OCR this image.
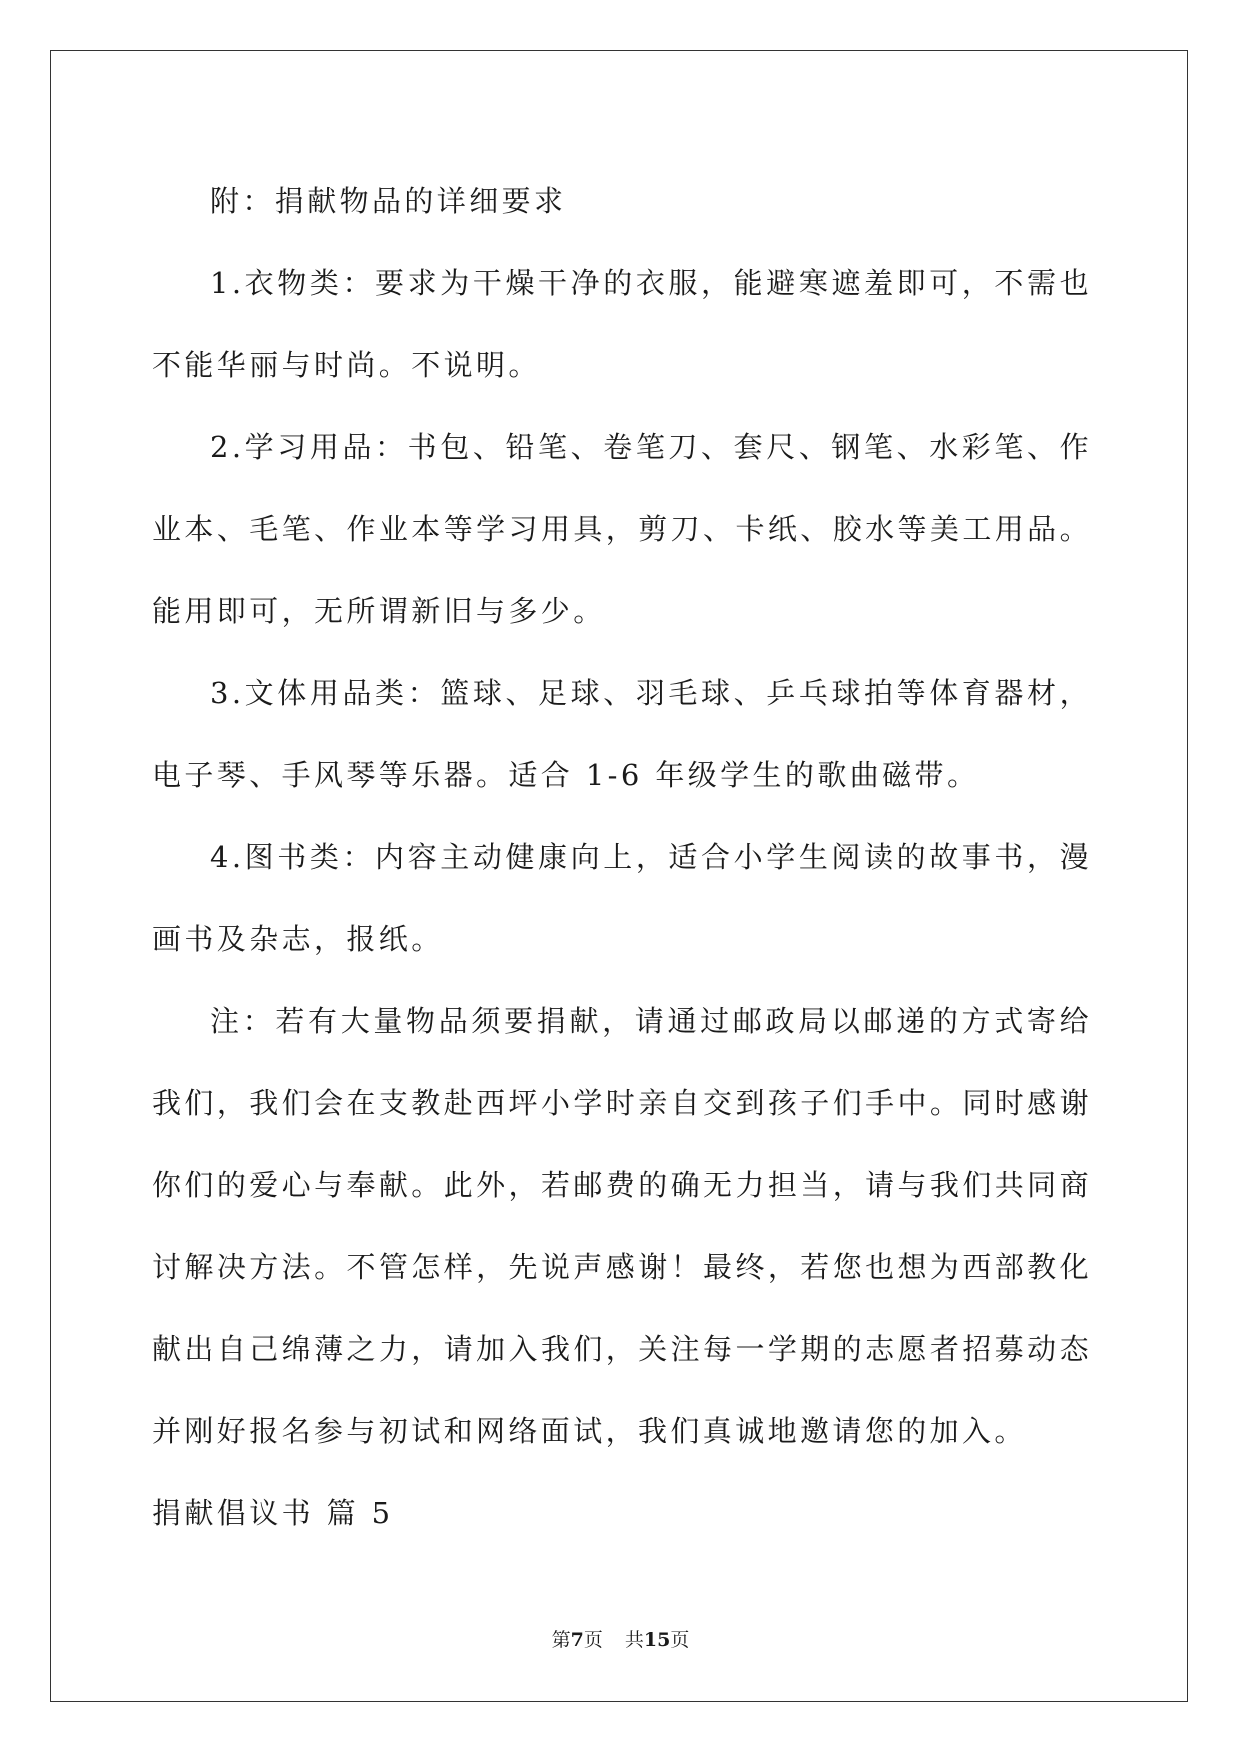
附：捐献物品的详细要求

1.衣物类：要求为干燥干净的衣服，能避寒遮羞即可，不需也不能华丽与时尚。不说明。

2.学习用品：书包、铅笔、卷笔刀、套尺、钢笔、水彩笔、作业本、毛笔、作业本等学习用具，剪刀、卡纸、胶水等美工用品。能用即可，无所谓新旧与多少。

3.文体用品类：篮球、足球、羽毛球、乒乓球拍等体育器材，电子琴、手风琴等乐器。适合 1-6 年级学生的歌曲磁带。

4.图书类：内容主动健康向上，适合小学生阅读的故事书，漫画书及杂志，报纸。

注：若有大量物品须要捐献，请通过邮政局以邮递的方式寄给我们，我们会在支教赴西坪小学时亲自交到孩子们手中。同时感谢你们的爱心与奉献。此外，若邮费的确无力担当，请与我们共同商讨解决方法。不管怎样，先说声感谢！最终，若您也想为西部教化献出自己绵薄之力，请加入我们，关注每一学期的志愿者招募动态并刚好报名参与初试和网络面试，我们真诚地邀请您的加入。

捐献倡议书 篇 5

第7页 共15页
